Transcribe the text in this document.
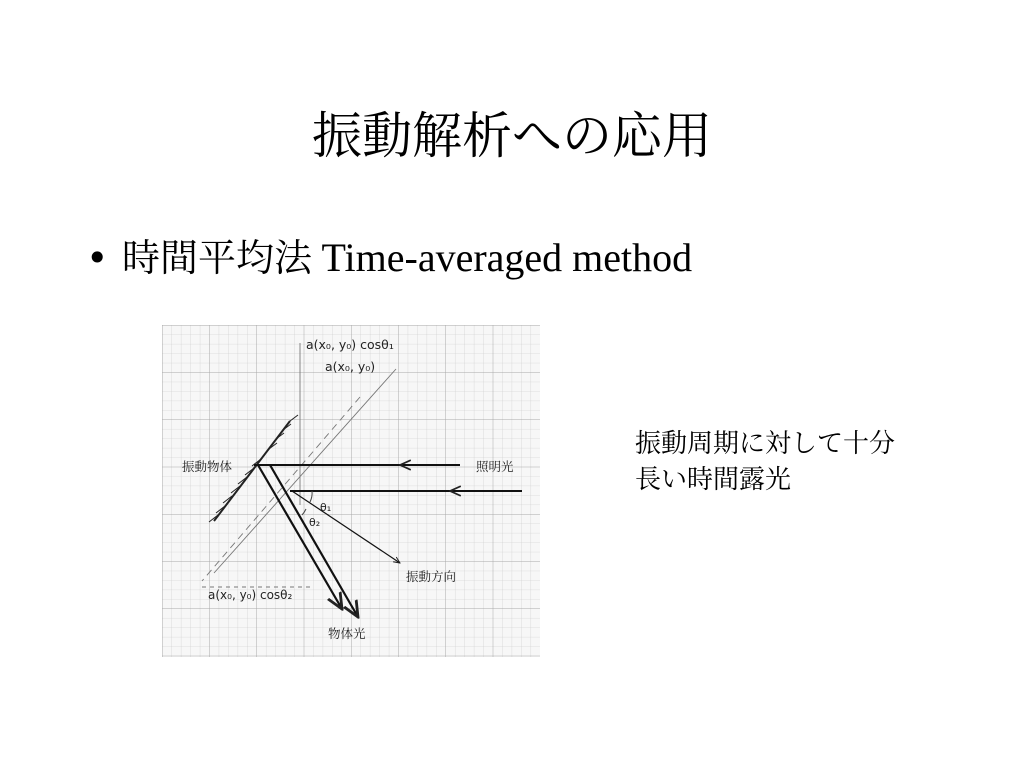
振動解析への応用
• 時間平均法 Time-averaged method
a(x₀, y₀) cosθ₁
a(x₀, y₀)
振動物体	照明光
θ₁
θ₂
振動方向
a(x₀, y₀) cosθ₂
物体光
振動周期に対して十分
長い時間露光
